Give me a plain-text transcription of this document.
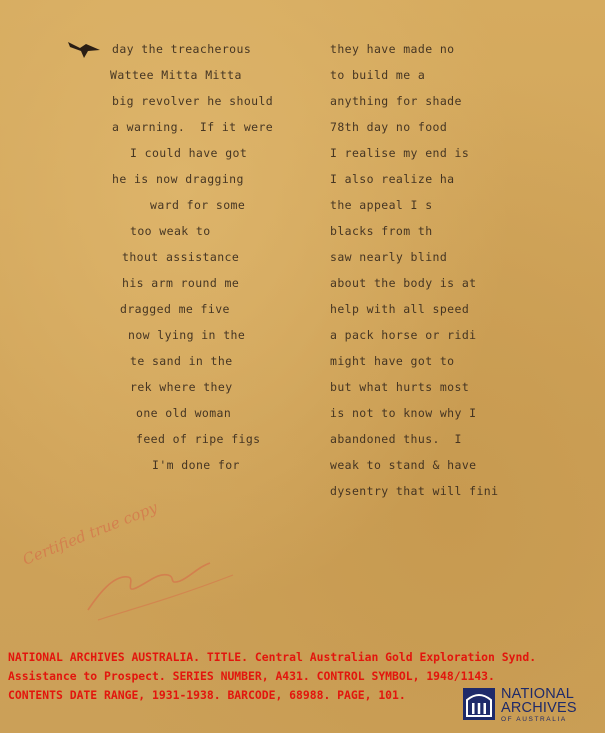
day the treacherous
Wattee Mitta Mitta
big revolver he should
a warning.  If it were
I could have got
he is now dragging
ward for some
too weak to
thout assistance
his arm round me
dragged me five
now lying in the
te sand in the
rek where they
one old woman
feed of ripe figs
I'm done for
they have made no
to build me a
anything for shade
78th day no food
I realise my end is
I also realize ha
the appeal I s
blacks from th
saw nearly blind
about the body is at
help with all speed
a pack horse or ridi
might have got to
but what hurts most
is not to know why I
abandoned thus.  I
weak to stand & have
dysentry that will fini
Certified true copy
NATIONAL ARCHIVES AUSTRALIA. TITLE. Central Australian Gold Exploration Synd.
Assistance to Prospect. SERIES NUMBER, A431. CONTROL SYMBOL, 1948/1143.
CONTENTS DATE RANGE, 1931-1938. BARCODE, 68988. PAGE, 101.	NATIONAL
ARCHIVES
OF AUSTRALIA
